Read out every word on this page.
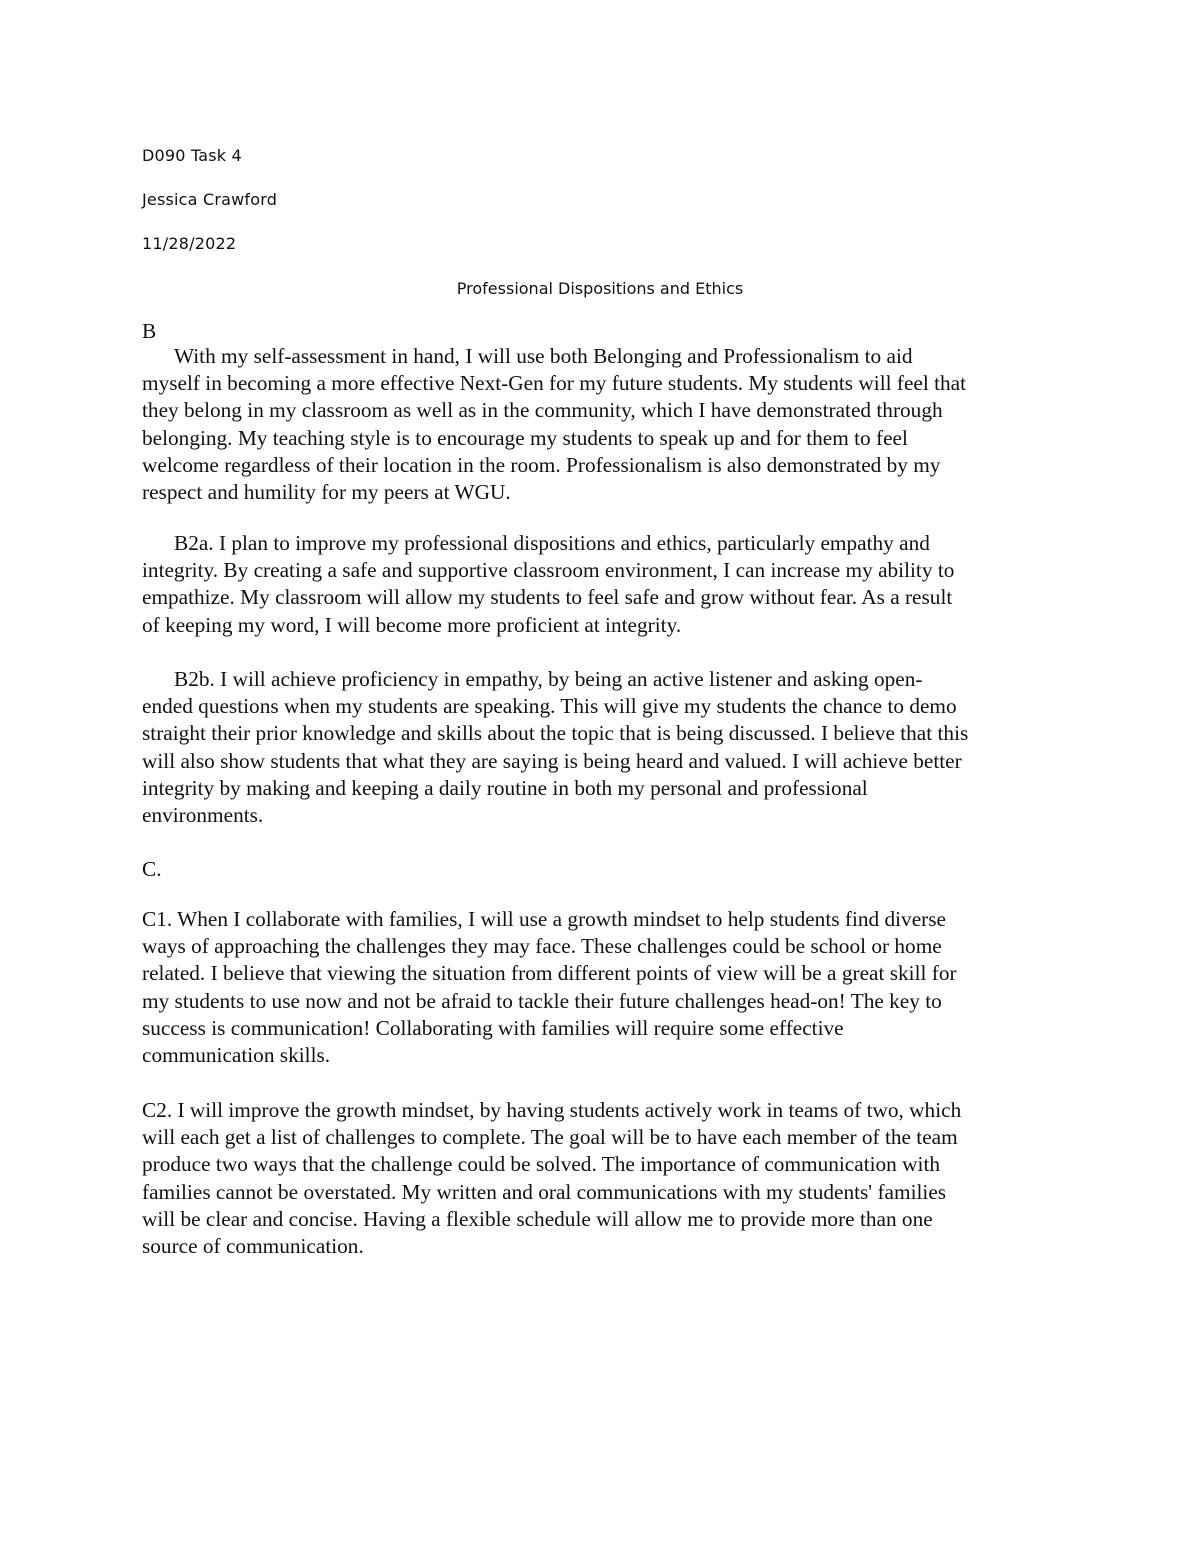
D090 Task 4
Jessica Crawford
11/28/2022
Professional Dispositions and Ethics

B

With my self-assessment in hand, I will use both Belonging and Professionalism to aid
myself in becoming a more effective Next-Gen for my future students. My students will feel that
they belong in my classroom as well as in the community, which I have demonstrated through
belonging. My teaching style is to encourage my students to speak up and for them to feel
welcome regardless of their location in the room. Professionalism is also demonstrated by my
respect and humility for my peers at WGU.

B2a. I plan to improve my professional dispositions and ethics, particularly empathy and
integrity. By creating a safe and supportive classroom environment, I can increase my ability to
empathize. My classroom will allow my students to feel safe and grow without fear. As a result
of keeping my word, I will become more proficient at integrity.

B2b. I will achieve proficiency in empathy, by being an active listener and asking open-
ended questions when my students are speaking. This will give my students the chance to demo
straight their prior knowledge and skills about the topic that is being discussed. I believe that this
will also show students that what they are saying is being heard and valued. I will achieve better
integrity by making and keeping a daily routine in both my personal and professional
environments.

C.

C1. When I collaborate with families, I will use a growth mindset to help students find diverse
ways of approaching the challenges they may face. These challenges could be school or home
related. I believe that viewing the situation from different points of view will be a great skill for
my students to use now and not be afraid to tackle their future challenges head-on! The key to
success is communication! Collaborating with families will require some effective
communication skills.

C2. I will improve the growth mindset, by having students actively work in teams of two, which
will each get a list of challenges to complete. The goal will be to have each member of the team
produce two ways that the challenge could be solved. The importance of communication with
families cannot be overstated. My written and oral communications with my students' families
will be clear and concise. Having a flexible schedule will allow me to provide more than one
source of communication.
